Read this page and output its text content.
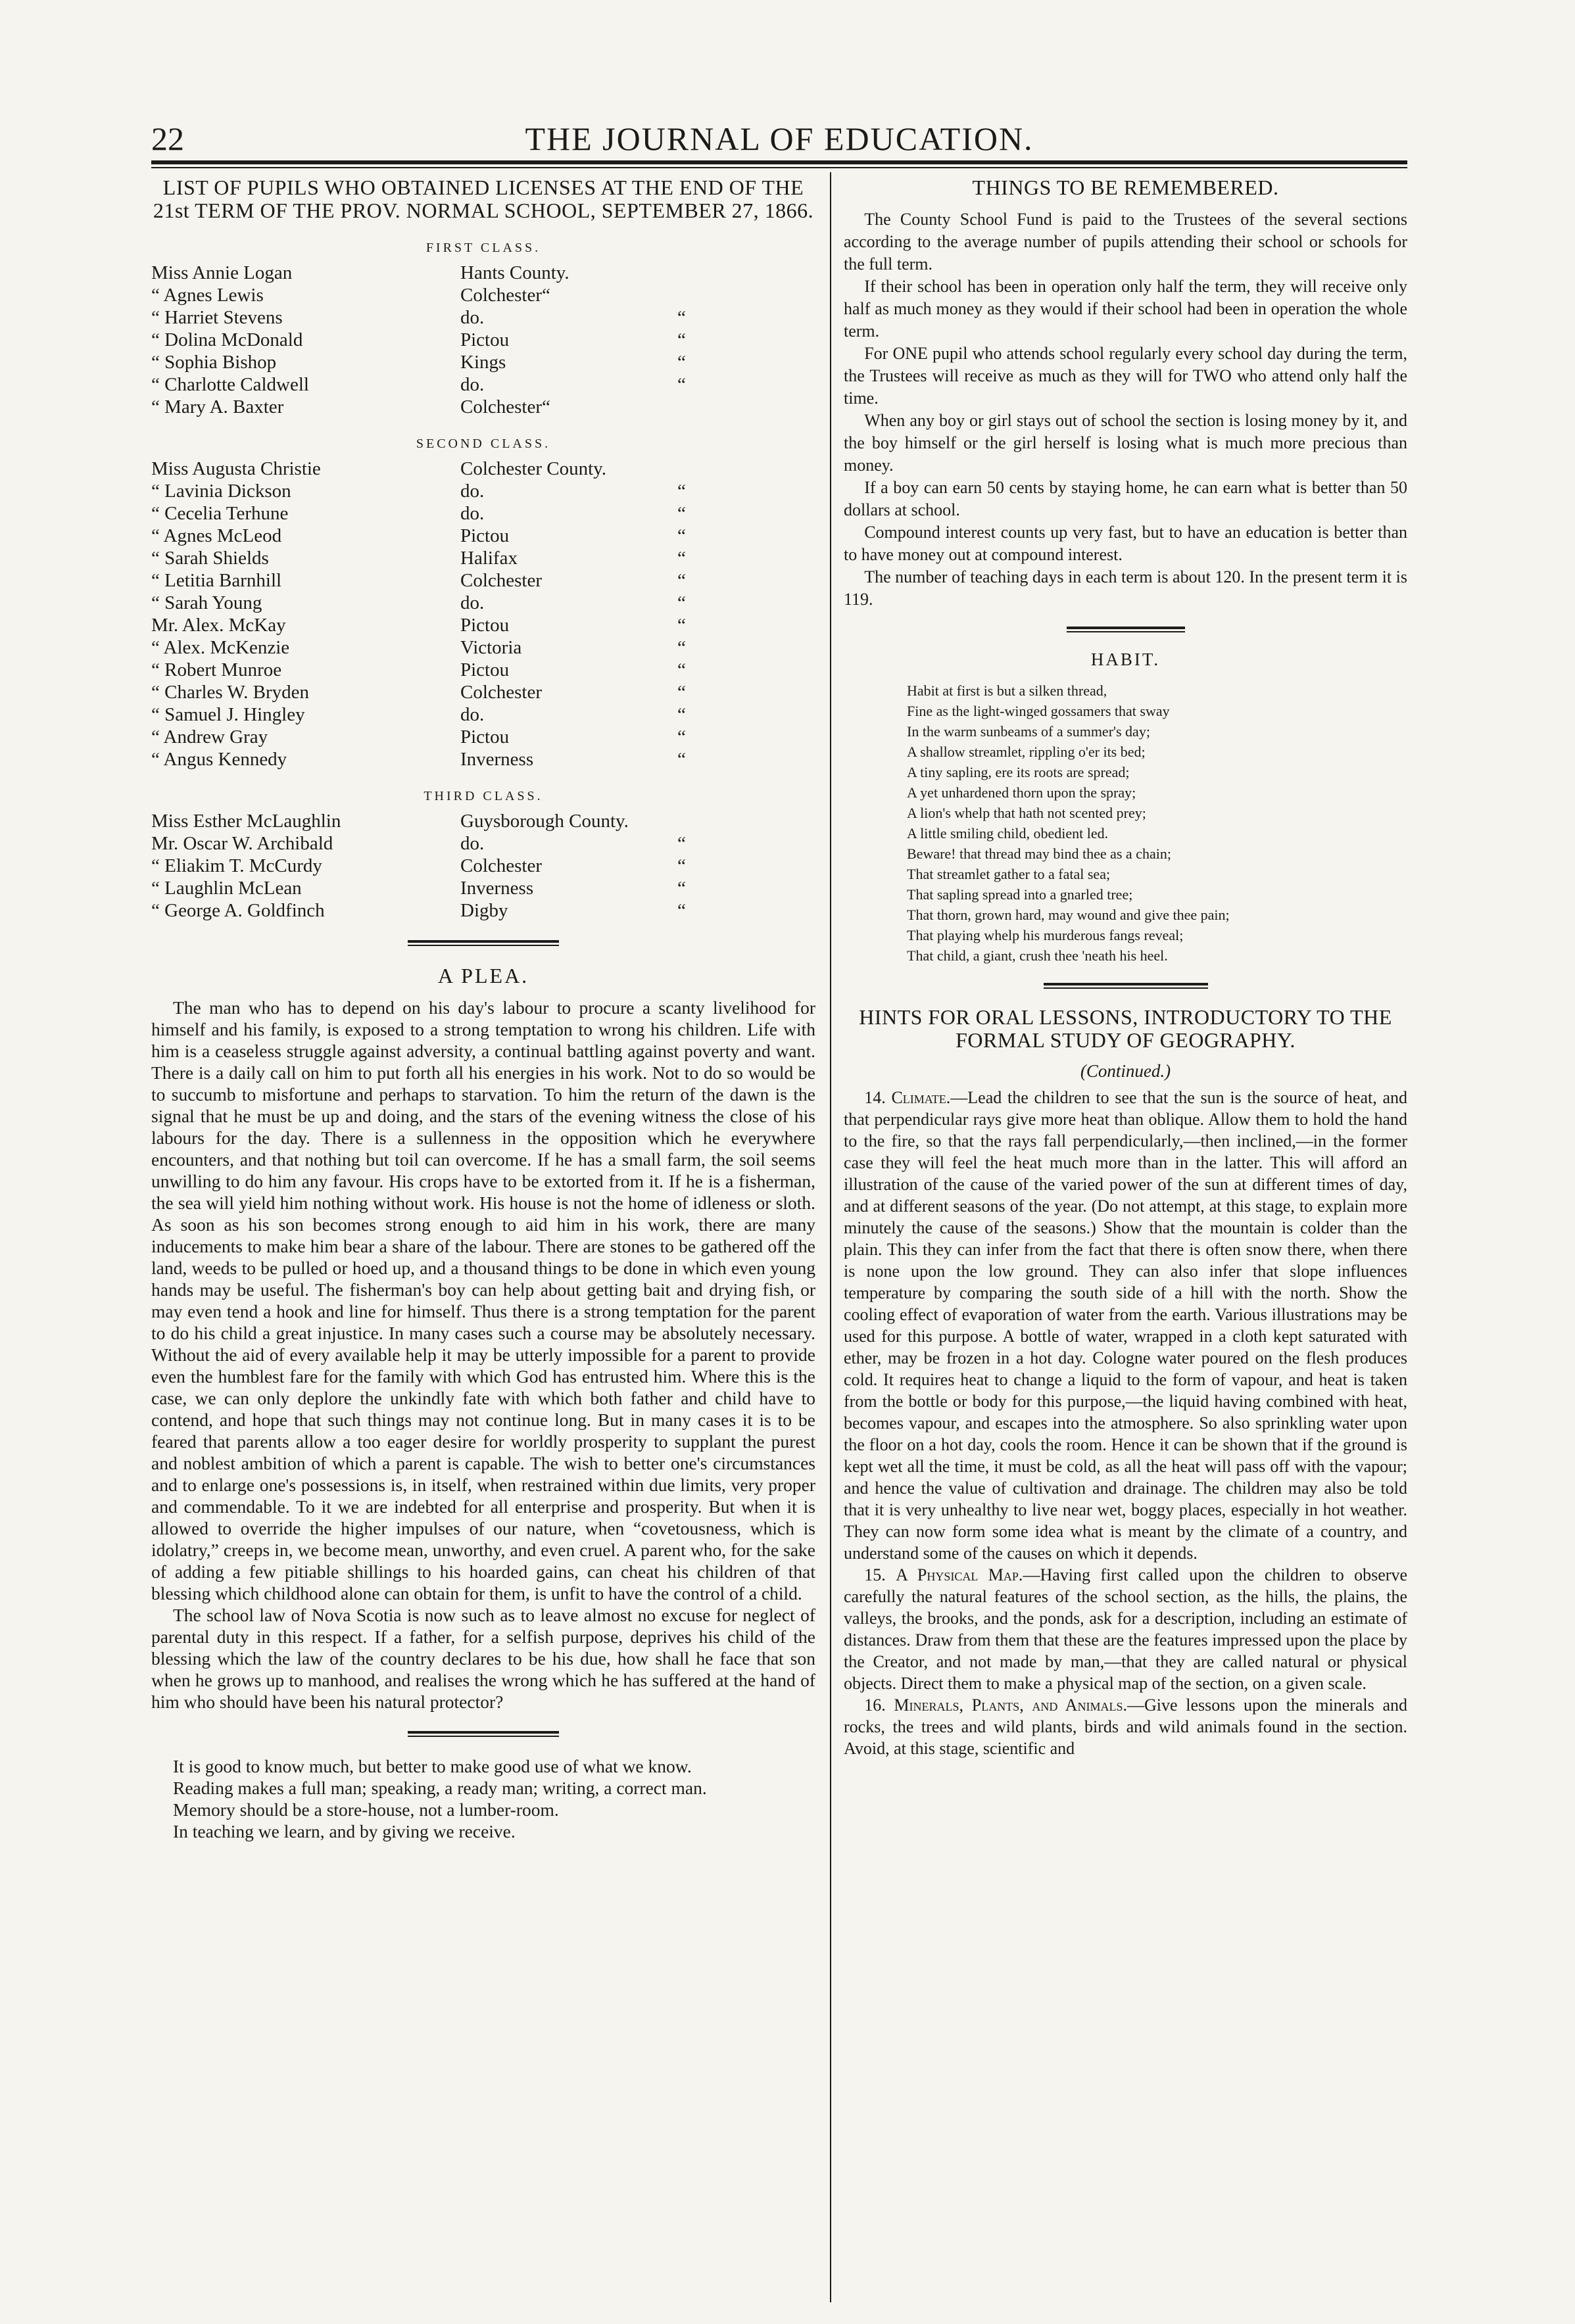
22	THE JOURNAL OF EDUCATION.
LIST OF PUPILS WHO OBTAINED LICENSES AT THE END OF THE 21st TERM OF THE PROV. NORMAL SCHOOL, SEPTEMBER 27, 1866.
FIRST CLASS.
Miss Annie Logan	Hants County.
“ Agnes Lewis	Colchester“
“ Harriet Stevens	do.	“
“ Dolina McDonald	Pictou	“
“ Sophia Bishop	Kings	“
“ Charlotte Caldwell	do.	“
“ Mary A. Baxter	Colchester“
SECOND CLASS.
Miss Augusta Christie	Colchester County.
“ Lavinia Dickson	do.	“
“ Cecelia Terhune	do.	“
“ Agnes McLeod	Pictou	“
“ Sarah Shields	Halifax	“
“ Letitia Barnhill	Colchester	“
“ Sarah Young	do.	“
Mr. Alex. McKay	Pictou	“
“ Alex. McKenzie	Victoria	“
“ Robert Munroe	Pictou	“
“ Charles W. Bryden	Colchester	“
“ Samuel J. Hingley	do.	“
“ Andrew Gray	Pictou	“
“ Angus Kennedy	Inverness	“
THIRD CLASS.
Miss Esther McLaughlin	Guysborough County.
Mr. Oscar W. Archibald	do.	“
“ Eliakim T. McCurdy	Colchester	“
“ Laughlin McLean	Inverness	“
“ George A. Goldfinch	Digby	“
A PLEA.

The man who has to depend on his day's labour to procure a scanty livelihood for himself and his family, is exposed to a strong temptation to wrong his children. Life with him is a ceaseless struggle against adversity, a continual battling against poverty and want. There is a daily call on him to put forth all his energies in his work. Not to do so would be to succumb to misfortune and perhaps to starvation. To him the return of the dawn is the signal that he must be up and doing, and the stars of the evening witness the close of his labours for the day. There is a sullenness in the opposition which he everywhere encounters, and that nothing but toil can overcome. If he has a small farm, the soil seems unwilling to do him any favour. His crops have to be extorted from it. If he is a fisherman, the sea will yield him nothing without work. His house is not the home of idleness or sloth. As soon as his son becomes strong enough to aid him in his work, there are many inducements to make him bear a share of the labour. There are stones to be gathered off the land, weeds to be pulled or hoed up, and a thousand things to be done in which even young hands may be useful. The fisherman's boy can help about getting bait and drying fish, or may even tend a hook and line for himself. Thus there is a strong temptation for the parent to do his child a great injustice. In many cases such a course may be absolutely necessary. Without the aid of every available help it may be utterly impossible for a parent to provide even the humblest fare for the family with which God has entrusted him. Where this is the case, we can only deplore the unkindly fate with which both father and child have to contend, and hope that such things may not continue long. But in many cases it is to be feared that parents allow a too eager desire for worldly prosperity to supplant the purest and noblest ambition of which a parent is capable. The wish to better one's circumstances and to enlarge one's possessions is, in itself, when restrained within due limits, very proper and commendable. To it we are indebted for all enterprise and prosperity. But when it is allowed to override the higher impulses of our nature, when “covetousness, which is idolatry,” creeps in, we become mean, unworthy, and even cruel. A parent who, for the sake of adding a few pitiable shillings to his hoarded gains, can cheat his children of that blessing which childhood alone can obtain for them, is unfit to have the control of a child.

The school law of Nova Scotia is now such as to leave almost no excuse for neglect of parental duty in this respect. If a father, for a selfish purpose, deprives his child of the blessing which the law of the country declares to be his due, how shall he face that son when he grows up to manhood, and realises the wrong which he has suffered at the hand of him who should have been his natural protector?

It is good to know much, but better to make good use of what we know.

Reading makes a full man; speaking, a ready man; writing, a correct man.

Memory should be a store-house, not a lumber-room.

In teaching we learn, and by giving we receive.

THINGS TO BE REMEMBERED.

The County School Fund is paid to the Trustees of the several sections according to the average number of pupils attending their school or schools for the full term.

If their school has been in operation only half the term, they will receive only half as much money as they would if their school had been in operation the whole term.

For ONE pupil who attends school regularly every school day during the term, the Trustees will receive as much as they will for TWO who attend only half the time.

When any boy or girl stays out of school the section is losing money by it, and the boy himself or the girl herself is losing what is much more precious than money.

If a boy can earn 50 cents by staying home, he can earn what is better than 50 dollars at school.

Compound interest counts up very fast, but to have an education is better than to have money out at compound interest.

The number of teaching days in each term is about 120. In the present term it is 119.

HABIT.
Habit at first is but a silken thread,
Fine as the light-winged gossamers that sway
In the warm sunbeams of a summer's day;
A shallow streamlet, rippling o'er its bed;
A tiny sapling, ere its roots are spread;
A yet unhardened thorn upon the spray;
A lion's whelp that hath not scented prey;
A little smiling child, obedient led.
Beware! that thread may bind thee as a chain;
That streamlet gather to a fatal sea;
That sapling spread into a gnarled tree;
That thorn, grown hard, may wound and give thee pain;
That playing whelp his murderous fangs reveal;
That child, a giant, crush thee 'neath his heel.
HINTS FOR ORAL LESSONS, INTRODUCTORY TO THE FORMAL STUDY OF GEOGRAPHY.
(Continued.)

14. Climate.—Lead the children to see that the sun is the source of heat, and that perpendicular rays give more heat than oblique. Allow them to hold the hand to the fire, so that the rays fall perpendicularly,—then inclined,—in the former case they will feel the heat much more than in the latter. This will afford an illustration of the cause of the varied power of the sun at different times of day, and at different seasons of the year. (Do not attempt, at this stage, to explain more minutely the cause of the seasons.) Show that the mountain is colder than the plain. This they can infer from the fact that there is often snow there, when there is none upon the low ground. They can also infer that slope influences temperature by comparing the south side of a hill with the north. Show the cooling effect of evaporation of water from the earth. Various illustrations may be used for this purpose. A bottle of water, wrapped in a cloth kept saturated with ether, may be frozen in a hot day. Cologne water poured on the flesh produces cold. It requires heat to change a liquid to the form of vapour, and heat is taken from the bottle or body for this purpose,—the liquid having combined with heat, becomes vapour, and escapes into the atmosphere. So also sprinkling water upon the floor on a hot day, cools the room. Hence it can be shown that if the ground is kept wet all the time, it must be cold, as all the heat will pass off with the vapour; and hence the value of cultivation and drainage. The children may also be told that it is very unhealthy to live near wet, boggy places, especially in hot weather. They can now form some idea what is meant by the climate of a country, and understand some of the causes on which it depends.

15. A Physical Map.—Having first called upon the children to observe carefully the natural features of the school section, as the hills, the plains, the valleys, the brooks, and the ponds, ask for a description, including an estimate of distances. Draw from them that these are the features impressed upon the place by the Creator, and not made by man,—that they are called natural or physical objects. Direct them to make a physical map of the section, on a given scale.

16. Minerals, Plants, and Animals.—Give lessons upon the minerals and rocks, the trees and wild plants, birds and wild animals found in the section. Avoid, at this stage, scientific and
